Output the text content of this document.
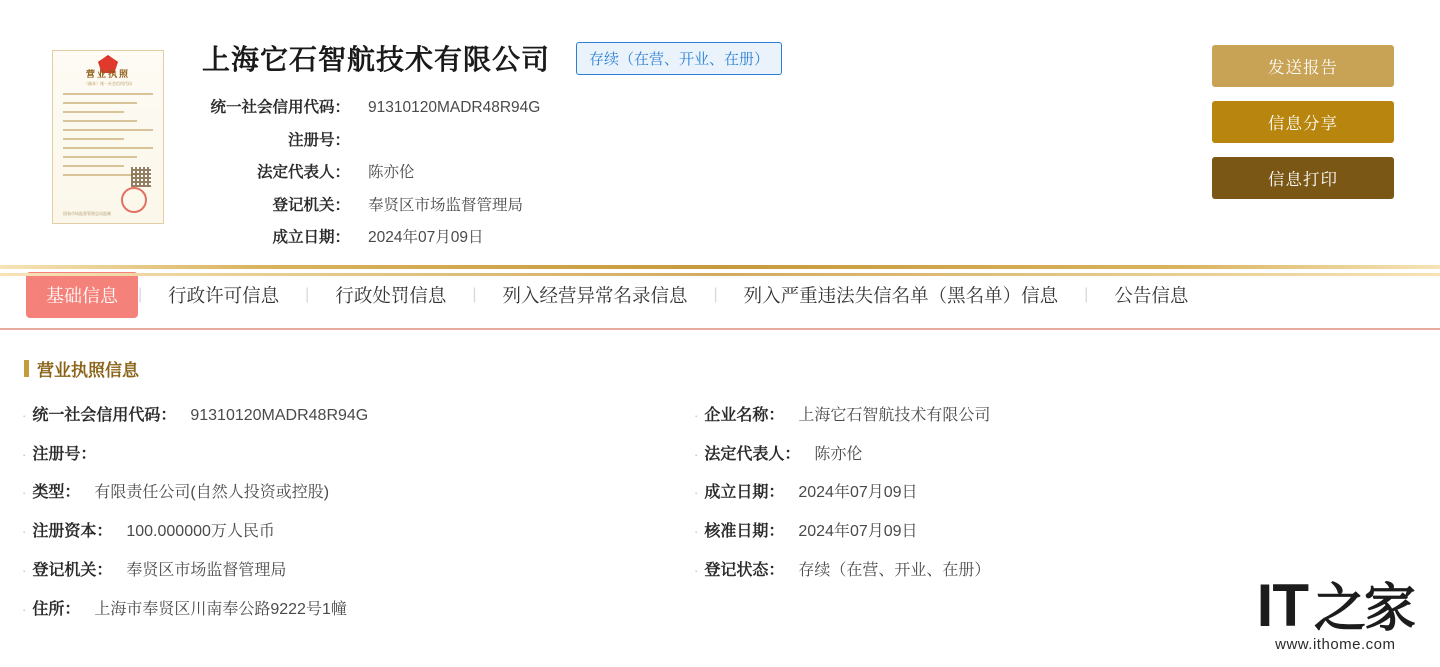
营业执照
（副本）统一社会信用代码
国家市场监督管理总局监制
上海它石智航技术有限公司	存续（在营、开业、在册）
统一社会信用代码： 91310120MADR48R94G
注册号：
法定代表人： 陈亦伦
登记机关： 奉贤区市场监督管理局
成立日期： 2024年07月09日
发送报告
信息分享
信息打印
基础信息	|	行政许可信息	|	行政处罚信息	|	列入经营异常名录信息	|	列入严重违法失信名单（黑名单）信息	|	公告信息
营业执照信息
· 统一社会信用代码： 91310120MADR48R94G	· 企业名称： 上海它石智航技术有限公司
· 注册号：	· 法定代表人： 陈亦伦
· 类型： 有限责任公司(自然人投资或控股)	· 成立日期： 2024年07月09日
· 注册资本： 100.000000万人民币	· 核准日期： 2024年07月09日
· 登记机关： 奉贤区市场监督管理局	· 登记状态： 存续（在营、开业、在册）
· 住所： 上海市奉贤区川南奉公路9222号1幢	IT 之家
www.ithome.com
